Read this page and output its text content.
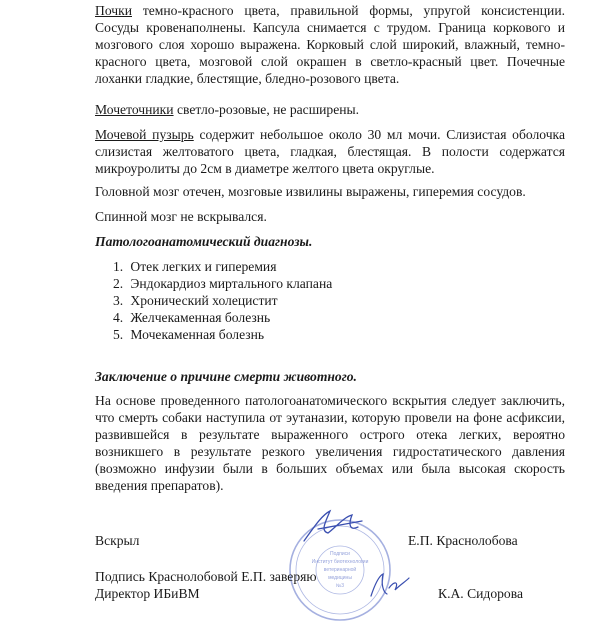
Почки темно-красного цвета, правильной формы, упругой консистенции. Сосуды кровенаполнены. Капсула снимается с трудом. Граница коркового и мозгового слоя хорошо выражена. Корковый слой широкий, влажный, темно-красного цвета, мозговой слой окрашен в светло-красный цвет. Почечные лоханки гладкие, блестящие, бледно-розового цвета.

Мочеточники светло-розовые, не расширены.

Мочевой пузырь содержит небольшое около 30 мл мочи. Слизистая оболочка слизистая желтоватого цвета, гладкая, блестящая. В полости содержатся микроуролиты до 2см в диаметре желтого цвета округлые.

Головной мозг отечен, мозговые извилины выражены, гиперемия сосудов.

Спинной мозг не вскрывался.

Патологоанатомический диагнозы.

1. Отек легких и гиперемия
2. Эндокардиоз миртального клапана
3. Хронический холецистит
4. Желчекаменная болезнь
5. Мочекаменная болезнь

Заключение о причине смерти животного.

На основе проведенного патологоанатомического вскрытия следует заключить, что смерть собаки наступила от эутаназии, которую провели на фоне асфиксии, развившейся в результате выраженного острого отека легких, вероятно возникшего в результате резкого увеличения гидростатического давления (возможно инфузии были в больших объемах или была высокая скорость введения препаратов).

Подписи
Институт биотехнологии
ветеринарной
медицины
№3

Вскрыл	Е.П. Краснолобова

Подпись Краснолобовой Е.П. заверяю

Директор ИБиВМ	К.А. Сидорова
